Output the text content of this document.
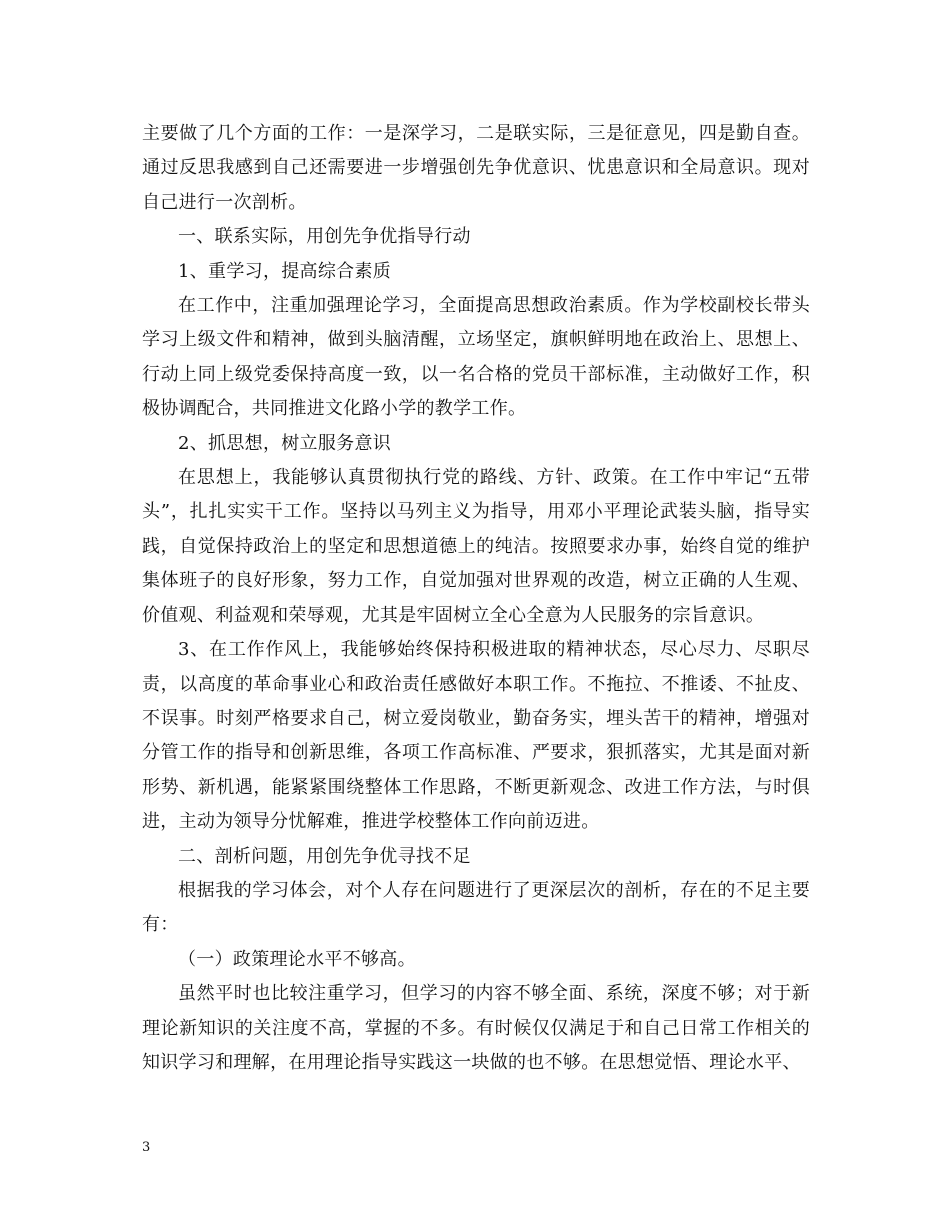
主要做了几个方面的工作：一是深学习，二是联实际，三是征意见，四是勤自查。通过反思我感到自己还需要进一步增强创先争优意识、忧患意识和全局意识。现对自己进行一次剖析。

一、联系实际，用创先争优指导行动

1、重学习，提高综合素质

在工作中，注重加强理论学习，全面提高思想政治素质。作为学校副校长带头学习上级文件和精神，做到头脑清醒，立场坚定，旗帜鲜明地在政治上、思想上、行动上同上级党委保持高度一致，以一名合格的党员干部标准，主动做好工作，积极协调配合，共同推进文化路小学的教学工作。

2、抓思想，树立服务意识

在思想上，我能够认真贯彻执行党的路线、方针、政策。在工作中牢记“五带头”，扎扎实实干工作。坚持以马列主义为指导，用邓小平理论武装头脑，指导实践，自觉保持政治上的坚定和思想道德上的纯洁。按照要求办事，始终自觉的维护集体班子的良好形象，努力工作，自觉加强对世界观的改造，树立正确的人生观、价值观、利益观和荣辱观，尤其是牢固树立全心全意为人民服务的宗旨意识。

3、在工作作风上，我能够始终保持积极进取的精神状态，尽心尽力、尽职尽责，以高度的革命事业心和政治责任感做好本职工作。不拖拉、不推诿、不扯皮、不误事。时刻严格要求自己，树立爱岗敬业，勤奋务实，埋头苦干的精神，增强对分管工作的指导和创新思维，各项工作高标准、严要求，狠抓落实，尤其是面对新形势、新机遇，能紧紧围绕整体工作思路，不断更新观念、改进工作方法，与时俱进，主动为领导分忧解难，推进学校整体工作向前迈进。

二、剖析问题，用创先争优寻找不足

根据我的学习体会，对个人存在问题进行了更深层次的剖析，存在的不足主要有：

（一）政策理论水平不够高。

虽然平时也比较注重学习，但学习的内容不够全面、系统，深度不够；对于新理论新知识的关注度不高，掌握的不多。有时候仅仅满足于和自己日常工作相关的知识学习和理解，在用理论指导实践这一块做的也不够。在思想觉悟、理论水平、

3
